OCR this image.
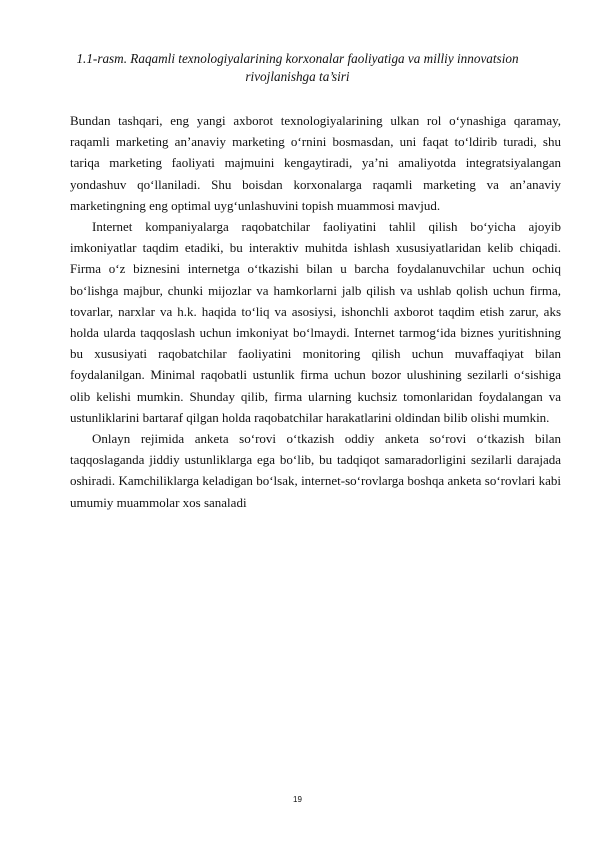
1.1-rasm. Raqamli texnologiyalarining korxonalar faoliyatiga va milliy innovatsion rivojlanishga ta’siri

Bundan tashqari, eng yangi axborot texnologiyalarining ulkan rol o‘ynashiga qaramay, raqamli marketing an’anaviy marketing o‘rnini bosmasdan, uni faqat to‘ldirib turadi, shu tariqa marketing faoliyati majmuini kengaytiradi, ya’ni amaliyotda integratsiyalangan yondashuv qo‘llaniladi. Shu boisdan korxonalarga raqamli marketing va an’anaviy marketingning eng optimal uyg‘unlashuvini topish muammosi mavjud.

Internet kompaniyalarga raqobatchilar faoliyatini tahlil qilish bo‘yicha ajoyib imkoniyatlar taqdim etadiki, bu interaktiv muhitda ishlash xususiyatlaridan kelib chiqadi. Firma o‘z biznesini internetga o‘tkazishi bilan u barcha foydalanuvchilar uchun ochiq bo‘lishga majbur, chunki mijozlar va hamkorlarni jalb qilish va ushlab qolish uchun firma, tovarlar, narxlar va h.k. haqida to‘liq va asosiysi, ishonchli axborot taqdim etish zarur, aks holda ularda taqqoslash uchun imkoniyat bo‘lmaydi. Internet tarmog‘ida biznes yuritishning bu xususiyati raqobatchilar faoliyatini monitoring qilish uchun muvaffaqiyat bilan foydalanilgan. Minimal raqobatli ustunlik firma uchun bozor ulushining sezilarli o‘sishiga olib kelishi mumkin. Shunday qilib, firma ularning kuchsiz tomonlaridan foydalangan va ustunliklarini bartaraf qilgan holda raqobatchilar harakatlarini oldindan bilib olishi mumkin.

Onlayn rejimida anketa so‘rovi o‘tkazish oddiy anketa so‘rovi o‘tkazish bilan taqqoslaganda jiddiy ustunliklarga ega bo‘lib, bu tadqiqot samaradorligini sezilarli darajada oshiradi. Kamchiliklarga keladigan bo‘lsak, internet-so‘rovlarga boshqa anketa so‘rovlari kabi umumiy muammolar xos sanaladi

19
